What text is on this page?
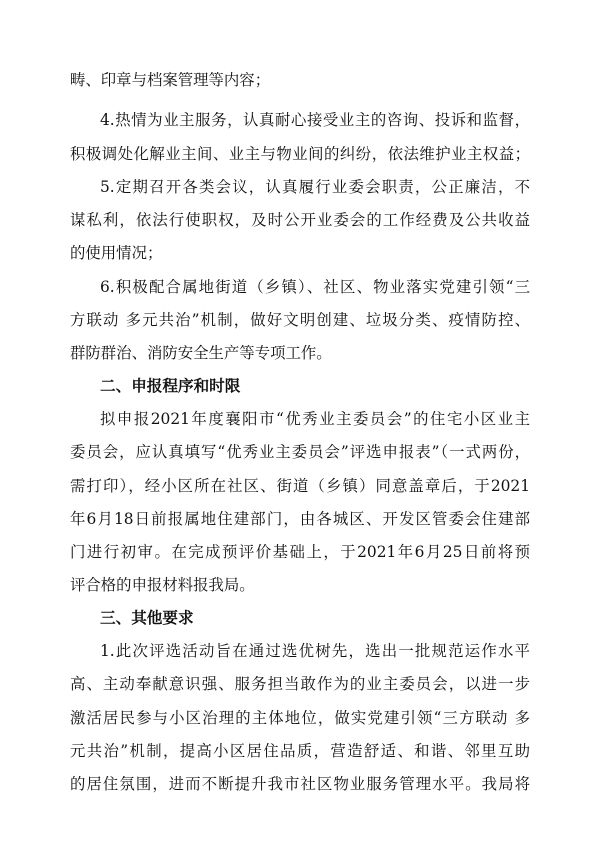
畴、印章与档案管理等内容；
4.热情为业主服务，认真耐心接受业主的咨询、投诉和监督，
积极调处化解业主间、业主与物业间的纠纷，依法维护业主权益；
5.定期召开各类会议，认真履行业委会职责，公正廉洁，不
谋私利，依法行使职权，及时公开业委会的工作经费及公共收益
的使用情况；
6.积极配合属地街道（乡镇）、社区、物业落实党建引领“三
方联动 多元共治”机制，做好文明创建、垃圾分类、疫情防控、
群防群治、消防安全生产等专项工作。
二、申报程序和时限
拟申报2021年度襄阳市“优秀业主委员会”的住宅小区业主
委员会，应认真填写“优秀业主委员会”评选申报表”（一式两份，
需打印），经小区所在社区、街道（乡镇）同意盖章后，于2021
年6月18日前报属地住建部门，由各城区、开发区管委会住建部
门进行初审。在完成预评价基础上，于2021年6月25日前将预
评合格的申报材料报我局。
三、其他要求
1.此次评选活动旨在通过选优树先，选出一批规范运作水平
高、主动奉献意识强、服务担当敢作为的业主委员会，以进一步
激活居民参与小区治理的主体地位，做实党建引领“三方联动 多
元共治”机制，提高小区居住品质，营造舒适、和谐、邻里互助
的居住氛围，进而不断提升我市社区物业服务管理水平。我局将
